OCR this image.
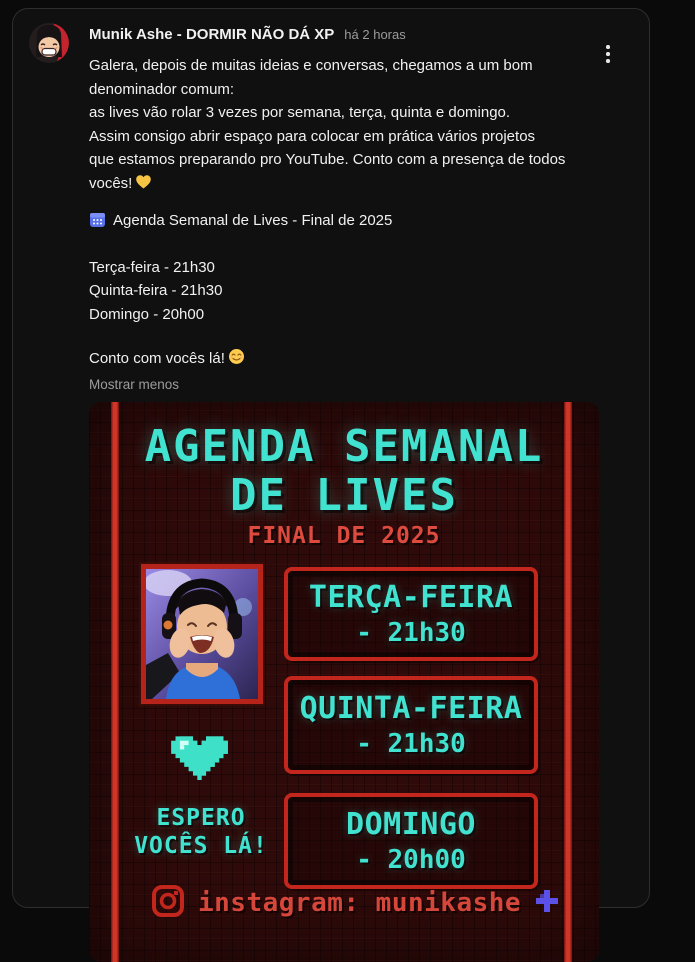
Munik Ashe - DORMIR NÃO DÁ XP há 2 horas
Galera, depois de muitas ideias e conversas, chegamos a um bom
denominador comum:
as lives vão rolar 3 vezes por semana, terça, quinta e domingo.
Assim consigo abrir espaço para colocar em prática vários projetos
que estamos preparando pro YouTube. Conto com a presença de todos
vocês!
Agenda Semanal de Lives - Final de 2025
Terça-feira - 21h30
Quinta-feira - 21h30
Domingo - 20h00
Conto com vocês lá!
Mostrar menos
AGENDA SEMANAL
DE LIVES
FINAL DE 2025
ESPERO
VOCÊS LÁ!
TERÇA-FEIRA
- 21h30
QUINTA-FEIRA
- 21h30
DOMINGO
- 20h00
instagram: munikashe
